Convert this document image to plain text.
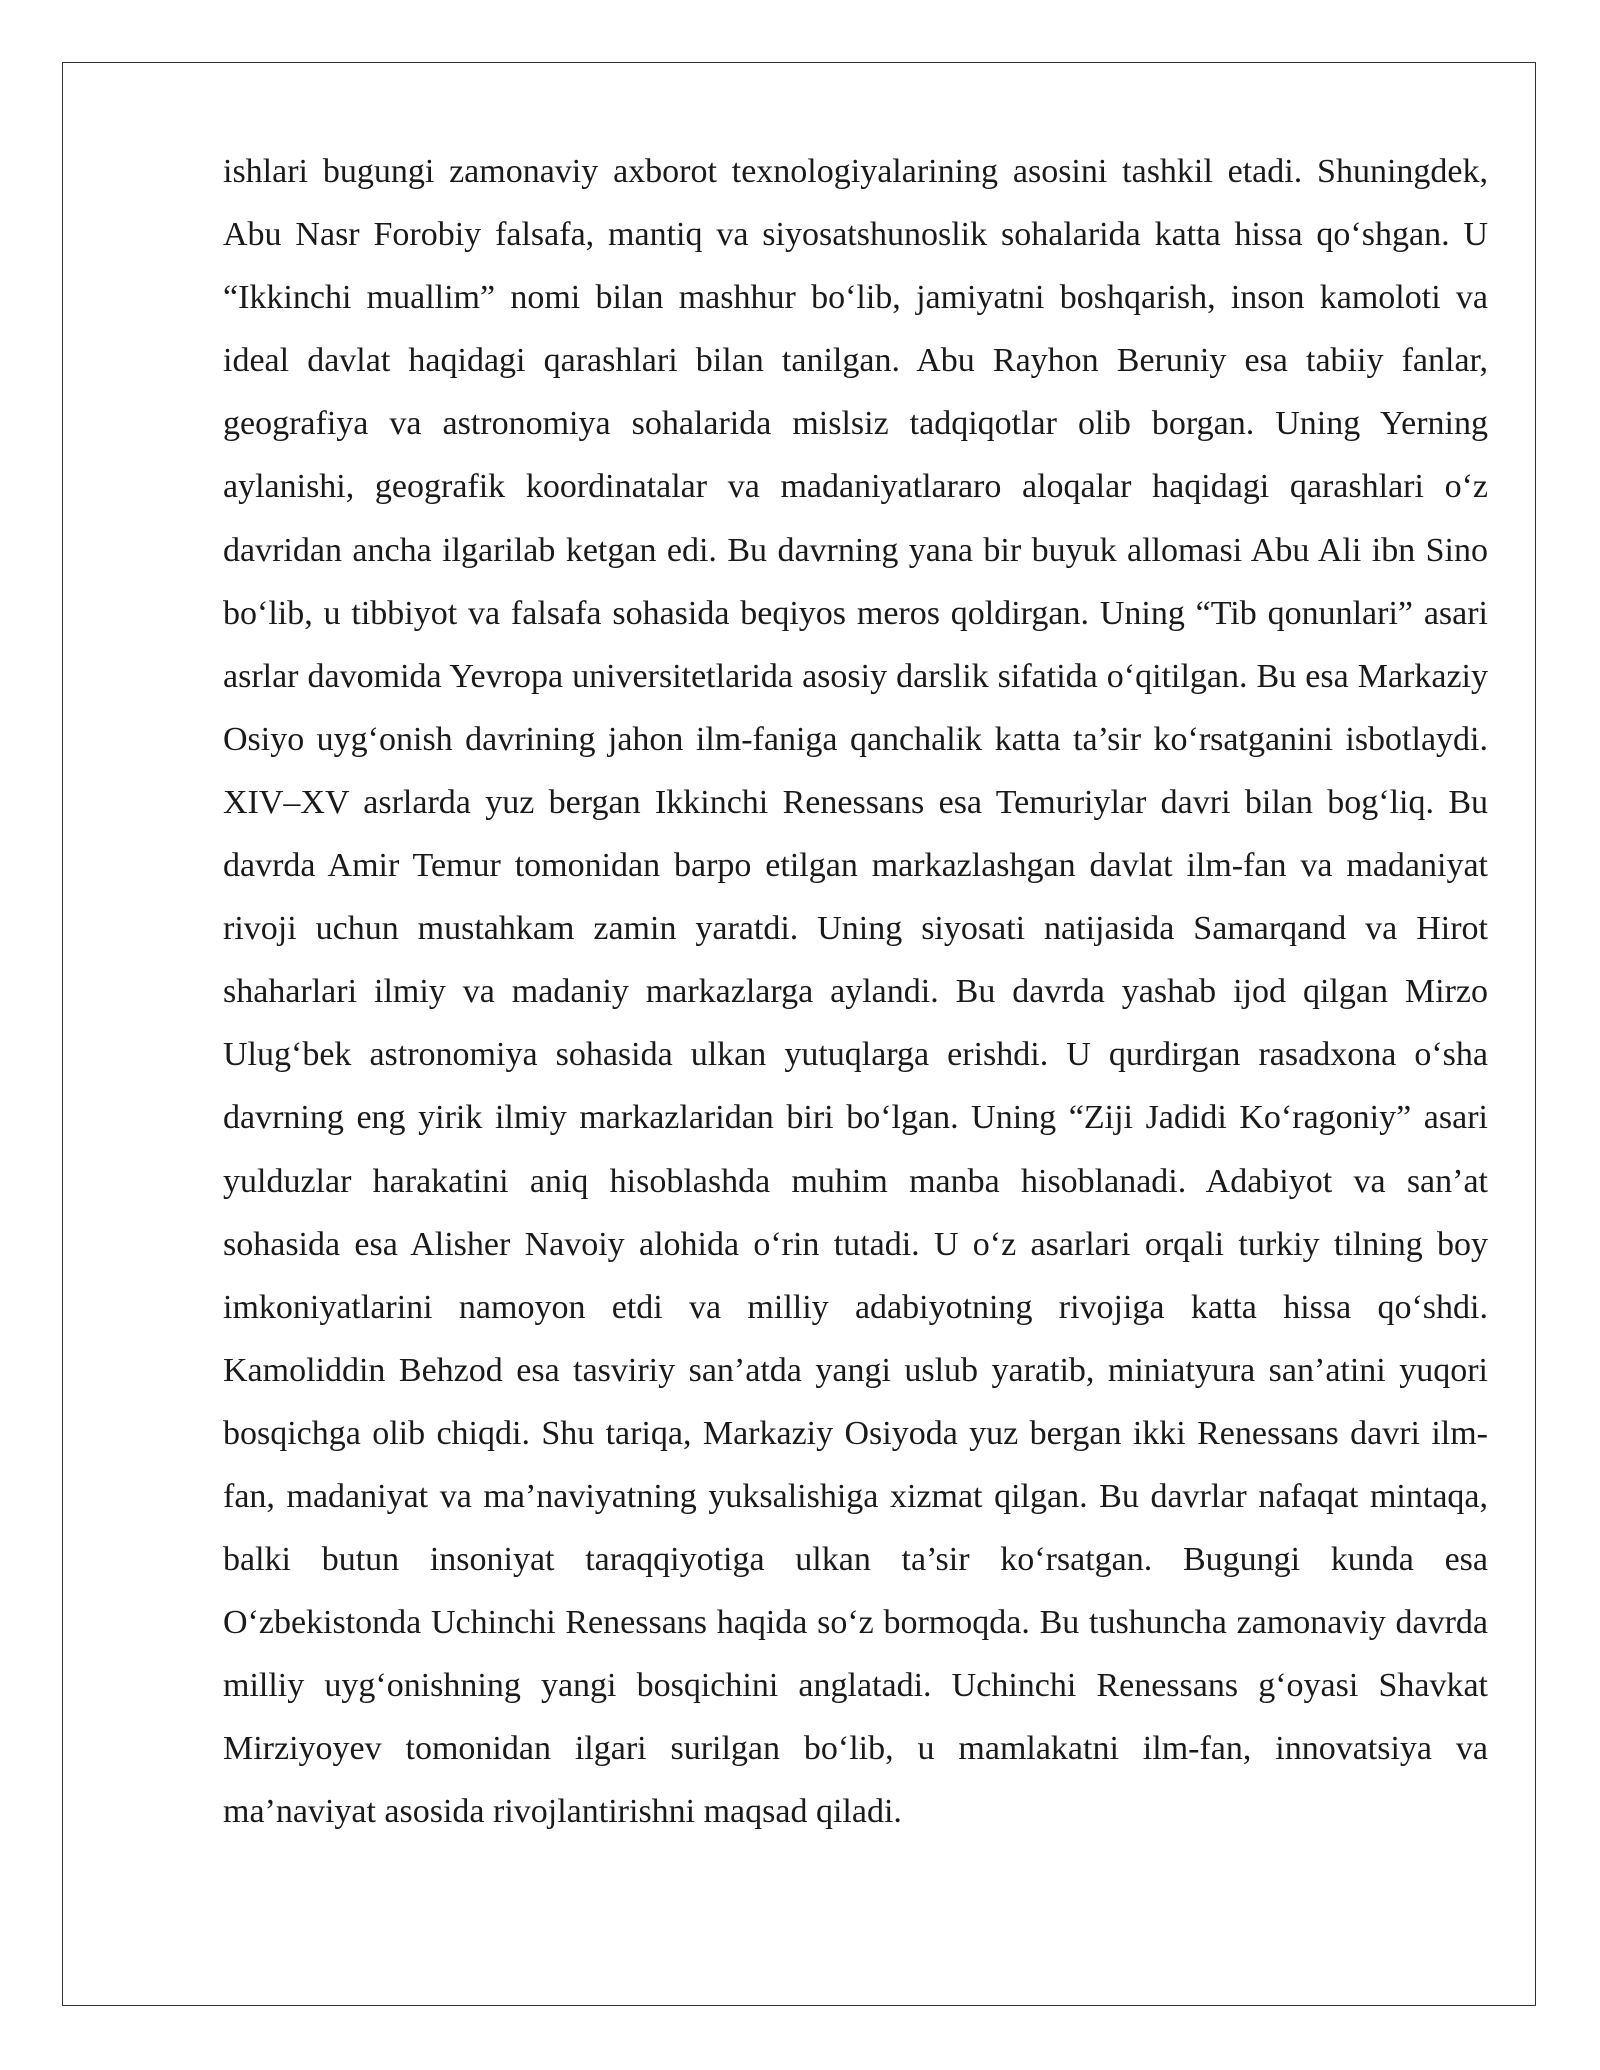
ishlari bugungi zamonaviy axborot texnologiyalarining asosini tashkil etadi. Shuningdek, Abu Nasr Forobiy falsafa, mantiq va siyosatshunoslik sohalarida katta hissa qo‘shgan. U “Ikkinchi muallim” nomi bilan mashhur bo‘lib, jamiyatni boshqarish, inson kamoloti va ideal davlat haqidagi qarashlari bilan tanilgan. Abu Rayhon Beruniy esa tabiiy fanlar, geografiya va astronomiya sohalarida mislsiz tadqiqotlar olib borgan. Uning Yerning aylanishi, geografik koordinatalar va madaniyatlararo aloqalar haqidagi qarashlari o‘z davridan ancha ilgarilab ketgan edi. Bu davrning yana bir buyuk allomasi Abu Ali ibn Sino bo‘lib, u tibbiyot va falsafa sohasida beqiyos meros qoldirgan. Uning “Tib qonunlari” asari asrlar davomida Yevropa universitetlarida asosiy darslik sifatida o‘qitilgan. Bu esa Markaziy Osiyo uyg‘onish davrining jahon ilm-faniga qanchalik katta ta’sir ko‘rsatganini isbotlaydi. XIV–XV asrlarda yuz bergan Ikkinchi Renessans esa Temuriylar davri bilan bog‘liq. Bu davrda Amir Temur tomonidan barpo etilgan markazlashgan davlat ilm-fan va madaniyat rivoji uchun mustahkam zamin yaratdi. Uning siyosati natijasida Samarqand va Hirot shaharlari ilmiy va madaniy markazlarga aylandi. Bu davrda yashab ijod qilgan Mirzo Ulug‘bek astronomiya sohasida ulkan yutuqlarga erishdi. U qurdirgan rasadxona o‘sha davrning eng yirik ilmiy markazlaridan biri bo‘lgan. Uning “Ziji Jadidi Ko‘ragoniy” asari yulduzlar harakatini aniq hisoblashda muhim manba hisoblanadi. Adabiyot va san’at sohasida esa Alisher Navoiy alohida o‘rin tutadi. U o‘z asarlari orqali turkiy tilning boy imkoniyatlarini namoyon etdi va milliy adabiyotning rivojiga katta hissa qo‘shdi. Kamoliddin Behzod esa tasviriy san’atda yangi uslub yaratib, miniatyura san’atini yuqori bosqichga olib chiqdi. Shu tariqa, Markaziy Osiyoda yuz bergan ikki Renessans davri ilm-fan, madaniyat va ma’naviyatning yuksalishiga xizmat qilgan. Bu davrlar nafaqat mintaqa, balki butun insoniyat taraqqiyotiga ulkan ta’sir ko‘rsatgan. Bugungi kunda esa O‘zbekistonda Uchinchi Renessans haqida so‘z bormoqda. Bu tushuncha zamonaviy davrda milliy uyg‘onishning yangi bosqichini anglatadi. Uchinchi Renessans g‘oyasi Shavkat Mirziyoyev tomonidan ilgari surilgan bo‘lib, u mamlakatni ilm-fan, innovatsiya va ma’naviyat asosida rivojlantirishni maqsad qiladi.
